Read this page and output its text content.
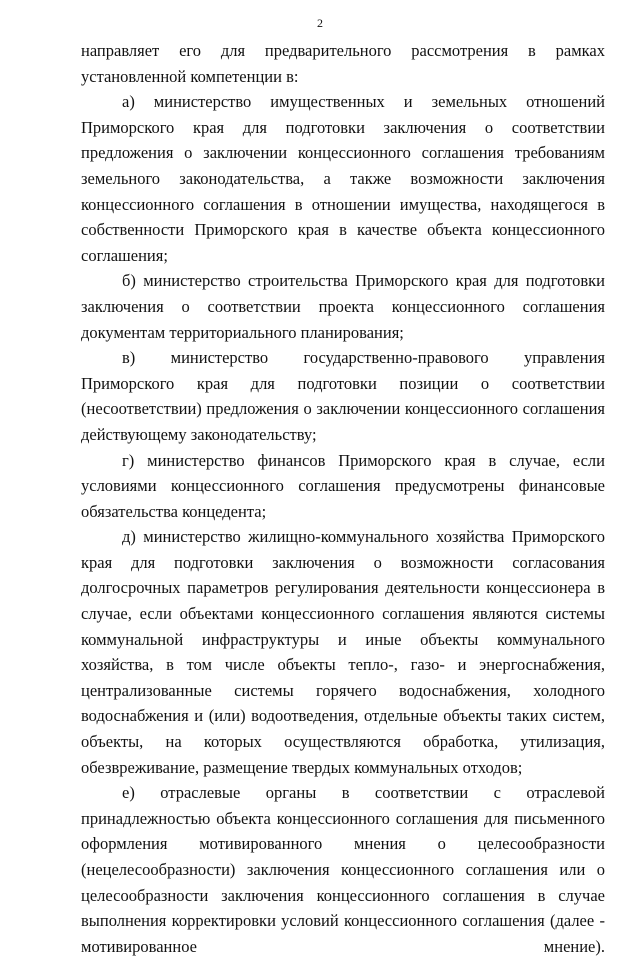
2

направляет его для предварительного рассмотрения в рамках установленной компетенции в:

а) министерство имущественных и земельных отношений Приморского края для подготовки заключения о соответствии предложения о заключении концессионного соглашения требованиям земельного законодательства, а также возможности заключения концессионного соглашения в отношении имущества, находящегося в собственности Приморского края в качестве объекта концессионного соглашения;

б) министерство строительства Приморского края для подготовки заключения о соответствии проекта концессионного соглашения документам территориального планирования;

в) министерство государственно-правового управления Приморского края для подготовки позиции о соответствии (несоответствии) предложения о заключении концессионного соглашения действующему законодательству;

г) министерство финансов Приморского края в случае, если условиями концессионного соглашения предусмотрены финансовые обязательства концедента;

д) министерство жилищно-коммунального хозяйства Приморского края для подготовки заключения о возможности согласования долгосрочных параметров регулирования деятельности концессионера в случае, если объектами концессионного соглашения являются системы коммунальной инфраструктуры и иные объекты коммунального хозяйства, в том числе объекты тепло-, газо- и энергоснабжения, централизованные системы горячего водоснабжения, холодного водоснабжения и (или) водоотведения, отдельные объекты таких систем, объекты, на которых осуществляются обработка, утилизация, обезвреживание, размещение твердых коммунальных отходов;

е) отраслевые органы в соответствии с отраслевой принадлежностью объекта концессионного соглашения для письменного оформления мотивированного мнения о целесообразности (нецелесообразности) заключения концессионного соглашения или о целесообразности заключения концессионного соглашения в случае выполнения корректировки условий концессионного соглашения (далее - мотивированное мнение).
